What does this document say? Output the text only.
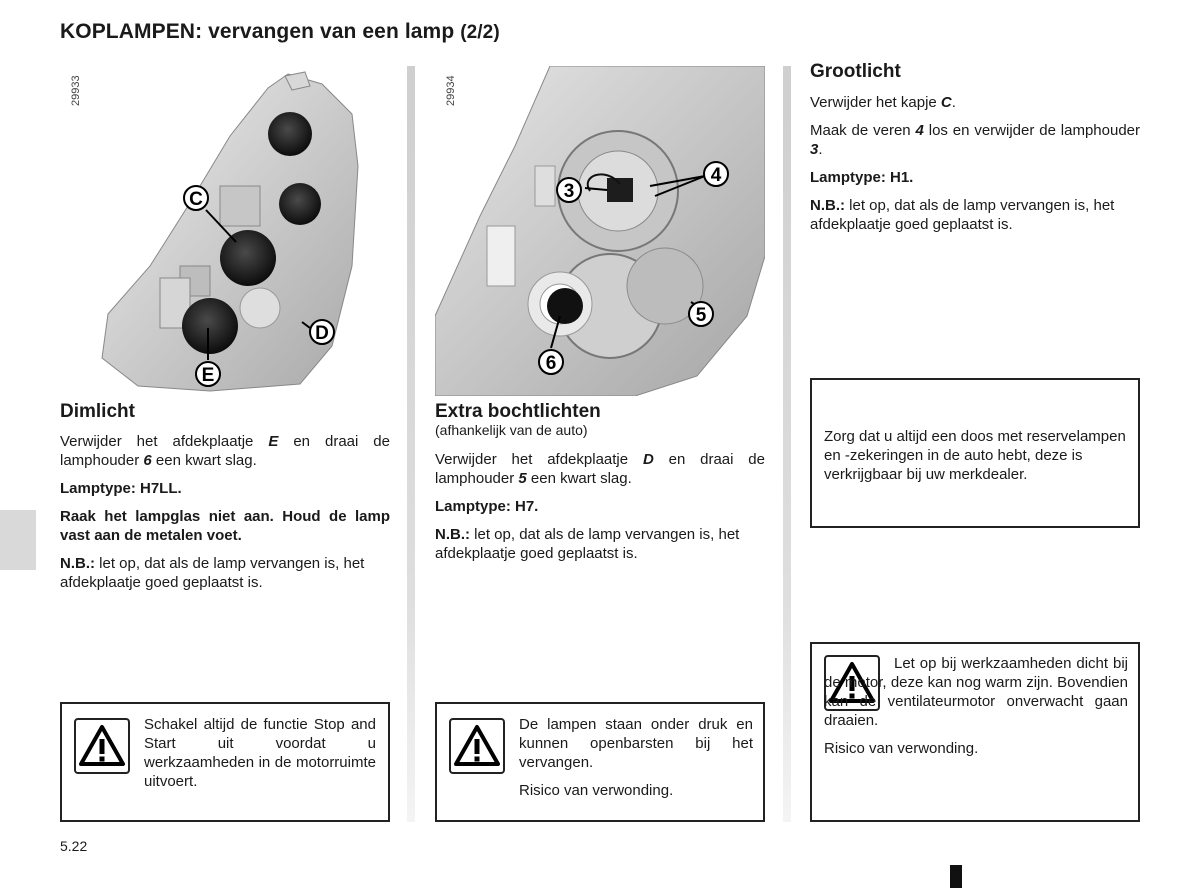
KOPLAMPEN: vervangen van een lamp (2/2)
29933
C
D
E
3
4
5
6
29934
Dimlicht

Verwijder het afdekplaatje E en draai de lamphouder 6 een kwart slag.

Lamptype: H7LL.

Raak het lampglas niet aan. Houd de lamp vast aan de metalen voet.

N.B.: let op, dat als de lamp vervangen is, het afdekplaatje goed geplaatst is.

Schakel altijd de functie Stop and Start uit voordat u werkzaamheden in de motorruimte uitvoert.
Extra bochtlichten
(afhankelijk van de auto)

Verwijder het afdekplaatje D en draai de lamphouder 5 een kwart slag.

Lamptype: H7.

N.B.: let op, dat als de lamp vervangen is, het afdekplaatje goed geplaatst is.

De lampen staan onder druk en kunnen openbarsten bij het vervangen.
Risico van verwonding.
Grootlicht

Verwijder het kapje C.

Maak de veren 4 los en verwijder de lamphouder 3.

Lamptype: H1.

N.B.: let op, dat als de lamp vervangen is, het afdekplaatje goed geplaatst is.

Zorg dat u altijd een doos met reservelampen en -zekeringen in de auto hebt, deze is verkrijgbaar bij uw merkdealer.
Let op bij werkzaamheden dicht bij de motor, deze kan nog warm zijn. Bovendien kan de ventilateurmotor onverwacht gaan draaien.
Risico van verwonding.
5.22
